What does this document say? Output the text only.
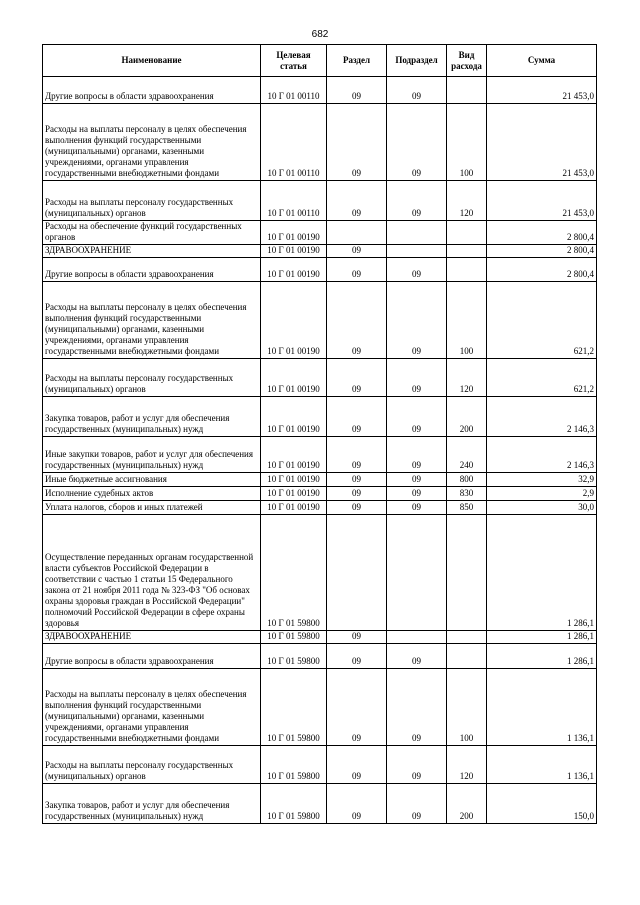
682
Наименование	Целевая статья	Раздел	Подраздел	Вид расхода	Сумма
Другие вопросы в области здравоохранения	10 Г 01 00110	09	09		21 453,0
Расходы на выплаты персоналу в целях обеспечения выполнения функций государственными (муниципальными) органами, казенными учреждениями, органами управления государственными внебюджетными фондами	10 Г 01 00110	09	09	100	21 453,0
Расходы на выплаты персоналу государственных (муниципальных) органов	10 Г 01 00110	09	09	120	21 453,0
Расходы на обеспечение функций государственных органов	10 Г 01 00190				2 800,4
ЗДРАВООХРАНЕНИЕ	10 Г 01 00190	09			2 800,4
Другие вопросы в области здравоохранения	10 Г 01 00190	09	09		2 800,4
Расходы на выплаты персоналу в целях обеспечения выполнения функций государственными (муниципальными) органами, казенными учреждениями, органами управления государственными внебюджетными фондами	10 Г 01 00190	09	09	100	621,2
Расходы на выплаты персоналу государственных (муниципальных) органов	10 Г 01 00190	09	09	120	621,2
Закупка товаров, работ и услуг для обеспечения государственных (муниципальных) нужд	10 Г 01 00190	09	09	200	2 146,3
Иные закупки товаров, работ и услуг для обеспечения государственных (муниципальных) нужд	10 Г 01 00190	09	09	240	2 146,3
Иные бюджетные ассигнования	10 Г 01 00190	09	09	800	32,9
Исполнение судебных актов	10 Г 01 00190	09	09	830	2,9
Уплата налогов, сборов и иных платежей	10 Г 01 00190	09	09	850	30,0
Осуществление переданных органам государственной власти субъектов Российской Федерации в соответствии с частью 1 статьи 15 Федерального закона от 21 ноября 2011 года № 323-ФЗ "Об основах охраны здоровья граждан в Российской Федерации" полномочий Российской Федерации в сфере охраны здоровья	10 Г 01 59800				1 286,1
ЗДРАВООХРАНЕНИЕ	10 Г 01 59800	09			1 286,1
Другие вопросы в области здравоохранения	10 Г 01 59800	09	09		1 286,1
Расходы на выплаты персоналу в целях обеспечения выполнения функций государственными (муниципальными) органами, казенными учреждениями, органами управления государственными внебюджетными фондами	10 Г 01 59800	09	09	100	1 136,1
Расходы на выплаты персоналу государственных (муниципальных) органов	10 Г 01 59800	09	09	120	1 136,1
Закупка товаров, работ и услуг для обеспечения государственных (муниципальных) нужд	10 Г 01 59800	09	09	200	150,0
